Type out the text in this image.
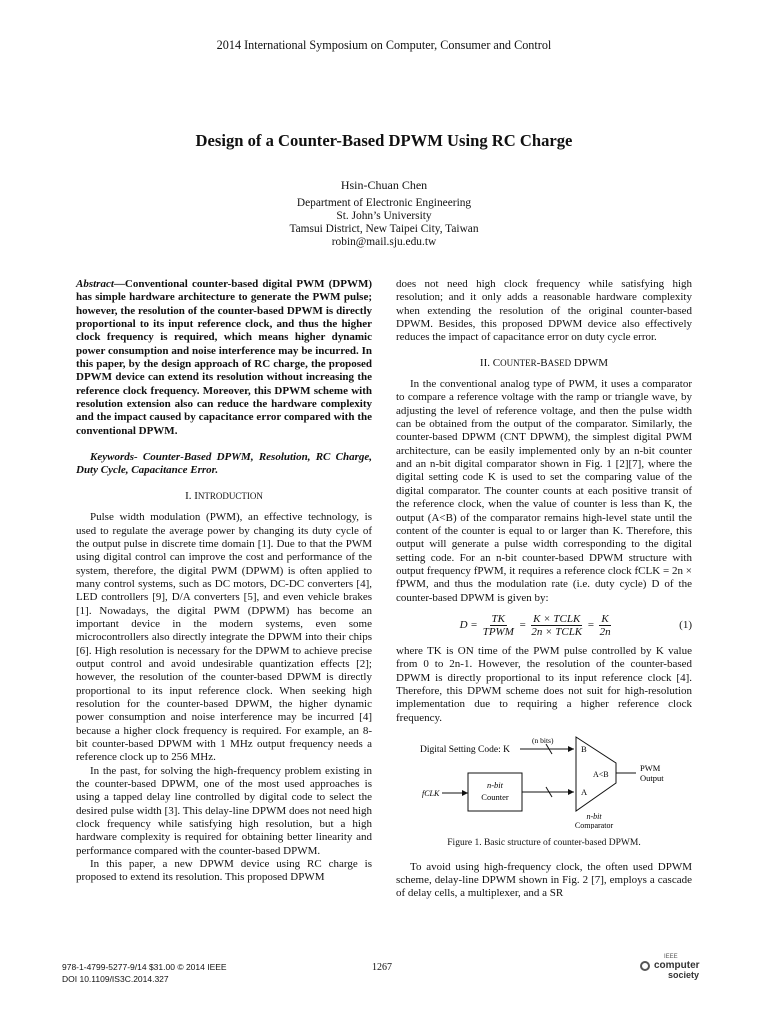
2014 International Symposium on Computer, Consumer and Control
Design of a Counter-Based DPWM Using RC Charge
Hsin-Chuan Chen
Department of Electronic Engineering
St. John’s University
Tamsui District, New Taipei City, Taiwan
robin@mail.sju.edu.tw

Abstract—Conventional counter-based digital PWM (DPWM) has simple hardware architecture to generate the PWM pulse; however, the resolution of the counter-based DPWM is directly proportional to its input reference clock, and thus the higher clock frequency is required, which means higher dynamic power consumption and noise interference may be incurred. In this paper, by the design approach of RC charge, the proposed DPWM device can extend its resolution without increasing the reference clock frequency. Moreover, this DPWM scheme with resolution extension also can reduce the hardware complexity and the impact caused by capacitance error compared with the conventional DPWM.

Keywords- Counter-Based DPWM, Resolution, RC Charge, Duty Cycle, Capacitance Error.

I. INTRODUCTION

Pulse width modulation (PWM), an effective technology, is used to regulate the average power by changing its duty cycle of the output pulse in discrete time domain [1]. Due to that the PWM using digital control can improve the cost and performance of the system, therefore, the digital PWM (DPWM) is often applied to many control systems, such as DC motors, DC-DC converters [4], LED controllers [9], D/A converters [5], and even vehicle brakes [1]. Nowadays, the digital PWM (DPWM) has become an important device in the modern systems, even some microcontrollers also directly integrate the DPWM into their chips [6]. High resolution is necessary for the DPWM to achieve precise output control and avoid undesirable quantization effects [2]; however, the resolution of the counter-based DPWM is directly proportional to its input reference clock. When seeking high resolution for the counter-based DPWM, the higher dynamic power consumption and noise interference may be incurred [4] because a higher clock frequency is required. For example, an 8-bit counter-based DPWM with 1 MHz output frequency needs a reference clock up to 256 MHz.

In the past, for solving the high-frequency problem existing in the counter-based DPWM, one of the most used approaches is using a tapped delay line controlled by digital code to select the desired pulse width [3]. This delay-line DPWM does not need high clock frequency while satisfying high resolution, but a high hardware complexity is required for obtaining better linearity and performance compared with the counter-based DPWM.

In this paper, a new DPWM device using RC charge is proposed to extend its resolution. This proposed DPWM

does not need high clock frequency while satisfying high resolution; and it only adds a reasonable hardware complexity when extending the resolution of the original counter-based DPWM. Besides, this proposed DPWM device also effectively reduces the impact of capacitance error on duty cycle error.

II. COUNTER-BASED DPWM

In the conventional analog type of PWM, it uses a comparator to compare a reference voltage with the ramp or triangle wave, by adjusting the level of reference voltage, and then the pulse width can be obtained from the output of the comparator. Similarly, the counter-based DPWM (CNT DPWM), the simplest digital PWM architecture, can be easily implemented only by an n-bit counter and an n-bit digital comparator shown in Fig. 1 [2][7], where the digital setting code K is used to set the comparing value of the digital comparator. The counter counts at each positive transit of the reference clock, when the value of counter is less than K, the output (A<B) of the comparator remains high-level state until the content of the counter is equal to or larger than K. Therefore, this output will generate a pulse width corresponding to the digital setting code. For an n-bit counter-based DPWM structure with output frequency fPWM, it requires a reference clock fCLK = 2n × fPWM, and thus the modulation rate (i.e. duty cycle) D of the counter-based DPWM is given by:

$D = \frac{TK}{\text{TPWM}} = \frac{\text{K × TCLK}}{\text{2n × TCLK}} = \frac{K}{2n}$	(1)

where TK is ON time of the PWM pulse controlled by K value from 0 to 2n-1. However, the resolution of the counter-based DPWM is directly proportional to its input reference clock [4]. Therefore, this DPWM scheme does not suit for high-resolution implementation due to requiring a higher reference clock frequency.

Digital Setting Code: K
(n bits)
n-bit
Counter
fCLK
B
A
A<B
n-bit
Comparator
PWM
Output
Figure 1. Basic structure of counter-based DPWM.

To avoid using high-frequency clock, the often used DPWM scheme, delay-line DPWM shown in Fig. 2 [7], employs a cascade of delay cells, a multiplexer, and a SR

978-1-4799-5277-9/14 $31.00 © 2014 IEEE
DOI 10.1109/IS3C.2014.327
1267
IEEE
computer
society
